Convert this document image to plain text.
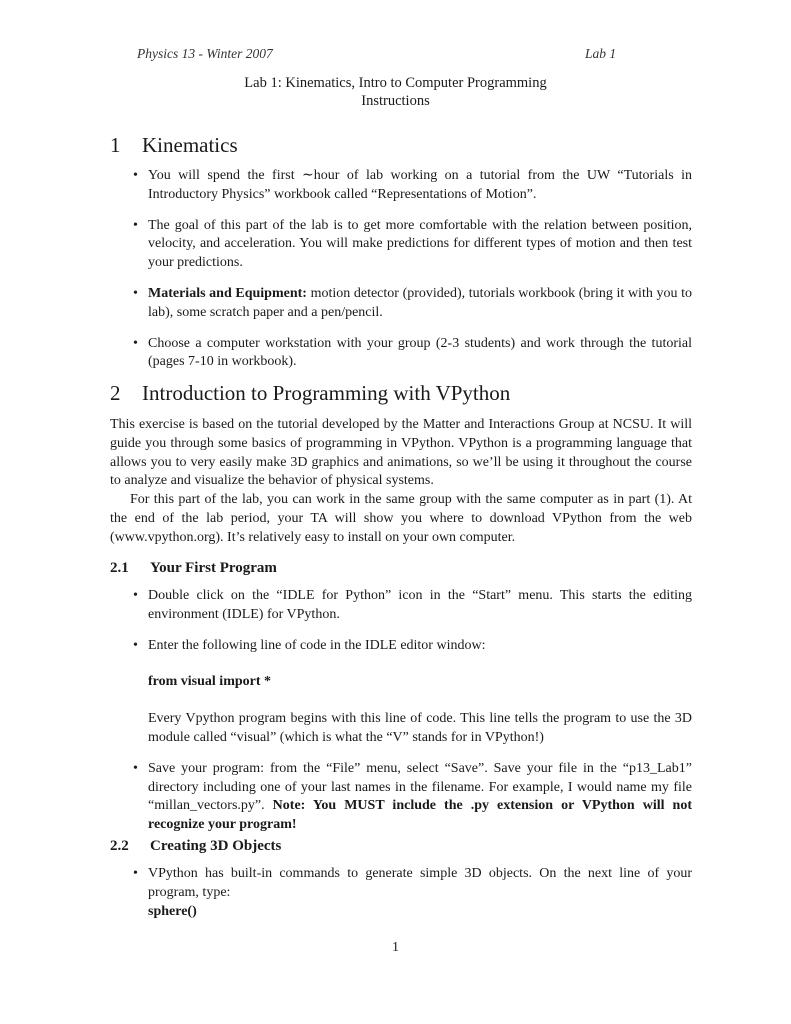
Physics 13 - Winter 2007	Lab 1
Lab 1: Kinematics, Intro to Computer Programming
Instructions
1 Kinematics
• You will spend the first ∼hour of lab working on a tutorial from the UW “Tutorials in Introductory Physics” workbook called “Representations of Motion”.
• The goal of this part of the lab is to get more comfortable with the relation between position, velocity, and acceleration. You will make predictions for different types of motion and then test your predictions.
• Materials and Equipment: motion detector (provided), tutorials workbook (bring it with you to lab), some scratch paper and a pen/pencil.
• Choose a computer workstation with your group (2-3 students) and work through the tutorial (pages 7-10 in workbook).
2 Introduction to Programming with VPython
This exercise is based on the tutorial developed by the Matter and Interactions Group at NCSU. It will guide you through some basics of programming in VPython. VPython is a programming language that allows you to very easily make 3D graphics and animations, so we’ll be using it throughout the course to analyze and visualize the behavior of physical systems.
For this part of the lab, you can work in the same group with the same computer as in part (1). At the end of the lab period, your TA will show you where to download VPython from the web (www.vpython.org). It’s relatively easy to install on your own computer.
2.1 Your First Program
• Double click on the “IDLE for Python” icon in the “Start” menu. This starts the editing environment (IDLE) for VPython.
• Enter the following line of code in the IDLE editor window:
from visual import *
Every Vpython program begins with this line of code. This line tells the program to use the 3D module called “visual” (which is what the “V” stands for in VPython!)
• Save your program: from the “File” menu, select “Save”. Save your file in the “p13_Lab1” directory including one of your last names in the filename. For example, I would name my file “millan_vectors.py”. Note: You MUST include the .py extension or VPython will not recognize your program!
2.2 Creating 3D Objects
• VPython has built-in commands to generate simple 3D objects. On the next line of your program, type:
sphere()
1
